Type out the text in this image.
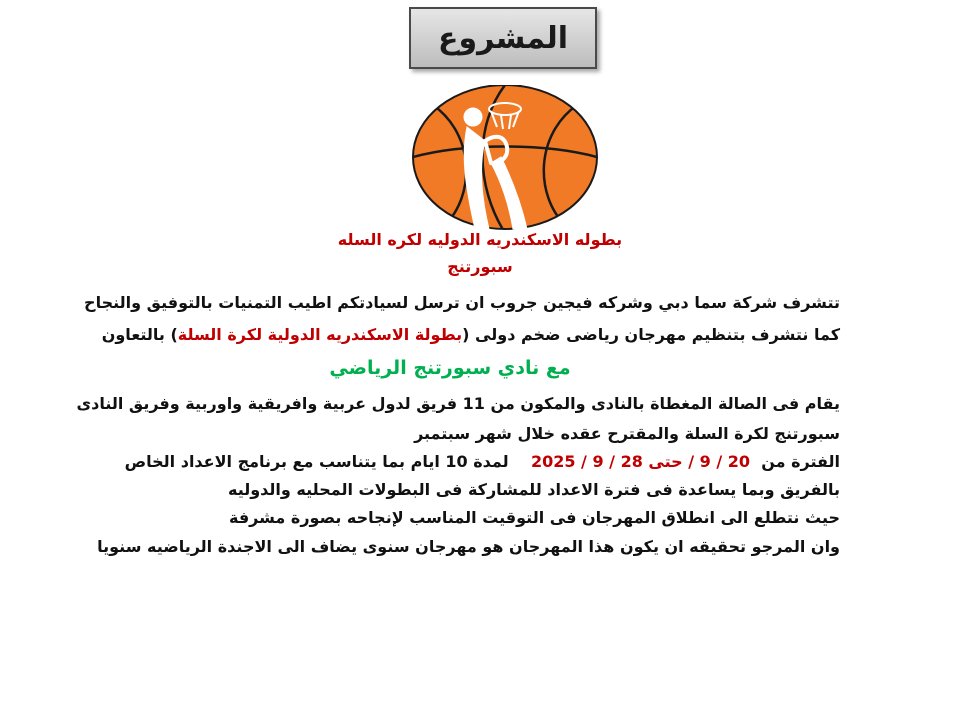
المشروع
بطوله الاسكندريه الدوليه لكره السله
سبورتنج
تتشرف شركة سما دبي وشركه فيجين جروب ان ترسل لسيادتكم اطيب التمنيات بالتوفيق والنجاح
كما نتشرف بتنظيم مهرجان رياضى ضخم دولى (بطولة الاسكندريه الدولية لكرة السلة) بالتعاون
مع نادي سبورتنج الرياضي
يقام فى الصالة المغطاة بالنادى والمكون من 11 فريق لدول عربية وافريقية واوربية وفريق النادى
سبورتنج لكرة السلة والمقترح عقده خلال شهر سبتمبر
الفترة من  20 / 9 / حتى 28 / 9 / 2025    لمدة 10 ايام بما يتناسب مع برنامج الاعداد الخاص
بالفريق وبما يساعدة فى فترة الاعداد للمشاركة فى البطولات المحليه والدوليه
حيث نتطلع الى انطلاق المهرجان فى التوقيت المناسب لإنجاحه بصورة مشرفة
وان المرجو تحقيقه ان يكون هذا المهرجان هو مهرجان سنوى يضاف الى الاجندة الرياضيه سنويا
